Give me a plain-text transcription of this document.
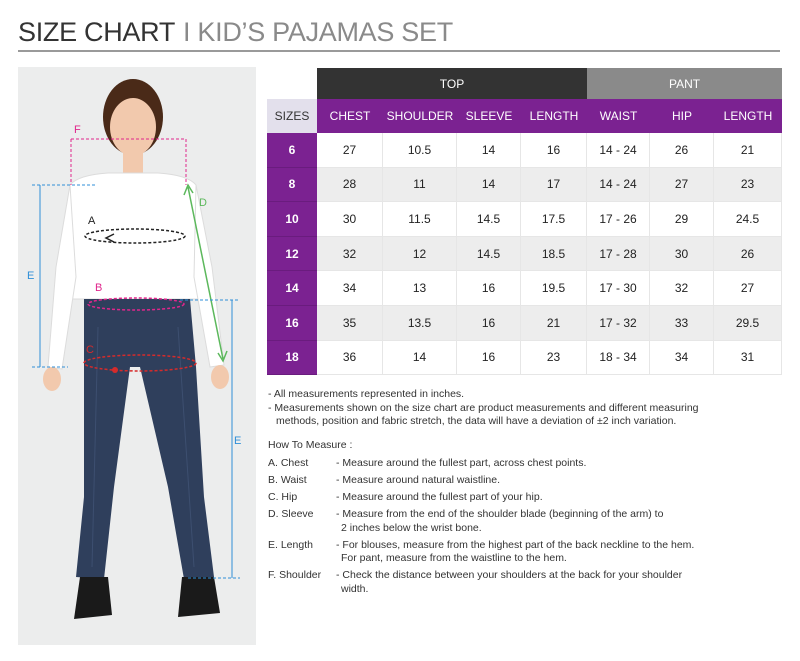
SIZE CHART I KID’S PAJAMAS SET
F
A
B
C
D
E
E
	TOP				PANT		
SIZES	CHEST	SHOULDER	SLEEVE	LENGTH	WAIST	HIP	LENGTH
6	27	10.5	14	16	14 - 24	26	21
8	28	11	14	17	14 - 24	27	23
10	30	11.5	14.5	17.5	17 - 26	29	24.5
12	32	12	14.5	18.5	17 - 28	30	26
14	34	13	16	19.5	17 - 30	32	27
16	35	13.5	16	21	17 - 32	33	29.5
18	36	14	16	23	18 - 34	34	31
- All measurements represented in inches.
- Measurements shown on the size chart are product measurements and different measuring
methods, position and fabric stretch, the data will have a deviation of ±2 inch variation.
How To Measure :
A. Chest	- Measure around the fullest part, across chest points.
B. Waist	- Measure around natural waistline.
C. Hip	- Measure around the fullest part of your hip.
D. Sleeve	- Measure from the end of the shoulder blade (beginning of the arm) to
2 inches below the wrist bone.
E. Length	- For blouses, measure from the highest part of the back neckline to the hem.
For pant, measure from the waistline to the hem.
F. Shoulder	- Check the distance between your shoulders at the back for your shoulder
width.
